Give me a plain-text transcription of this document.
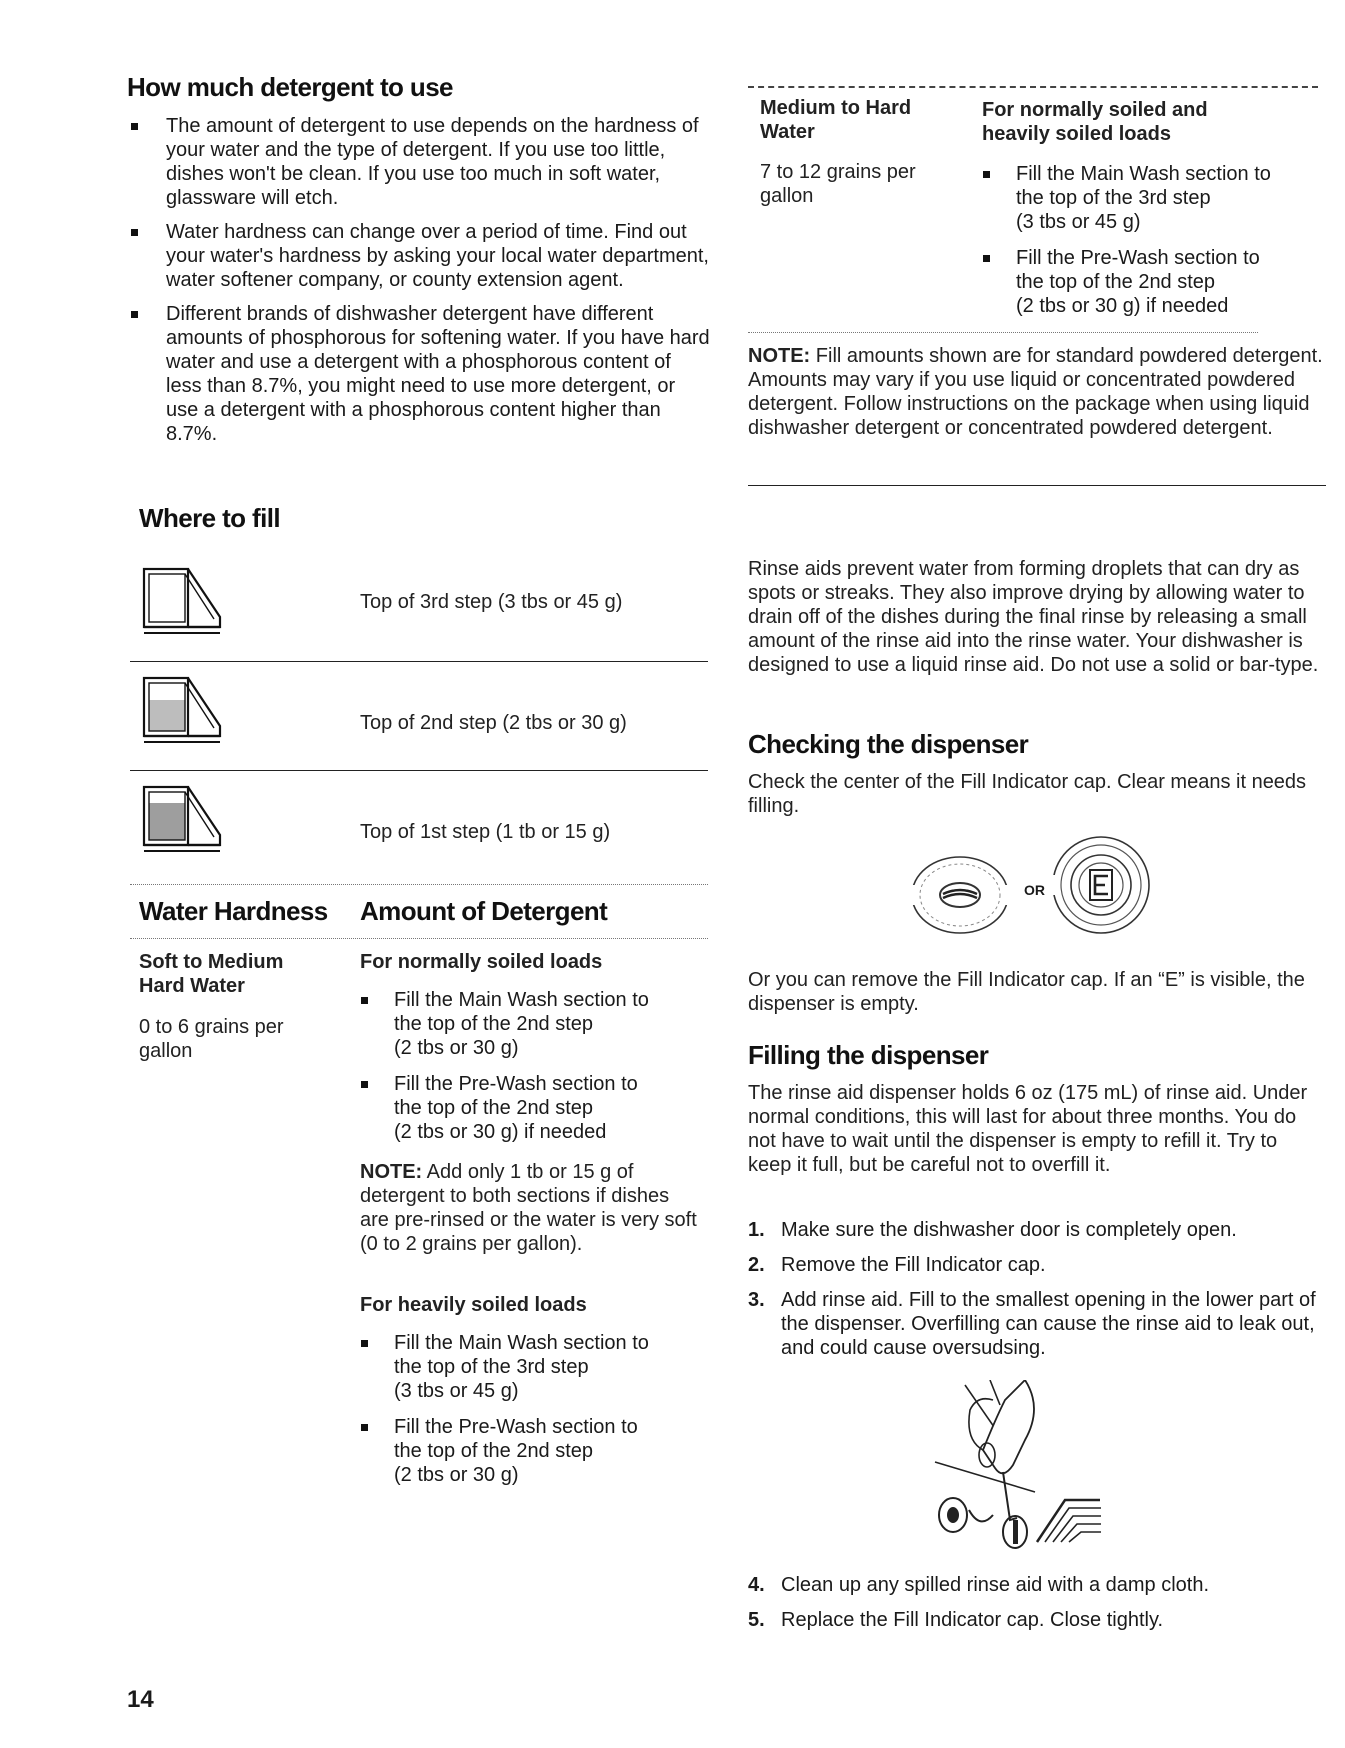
How much detergent to use
The amount of detergent to use depends on the hardness of your water and the type of detergent. If you use too little, dishes won't be clean. If you use too much in soft water, glassware will etch.
Water hardness can change over a period of time. Find out your water's hardness by asking your local water department, water softener company, or county extension agent.
Different brands of dishwasher detergent have different amounts of phosphorous for softening water. If you have hard water and use a detergent with a phosphorous content of less than 8.7%, you might need to use more detergent, or use a detergent with a phosphorous content higher than 8.7%.
Where to fill
Top of 3rd step (3 tbs or 45 g)
Top of 2nd step (2 tbs or 30 g)
Top of 1st step (1 tb or 15 g)
Water Hardness Amount of Detergent
Soft to Medium Hard Water
0 to 6 grains per gallon
For normally soiled loads
Fill the Main Wash section to
the top of the 2nd step
(2 tbs or 30 g)
Fill the Pre-Wash section to
the top of the 2nd step
(2 tbs or 30 g) if needed
NOTE: Add only 1 tb or 15 g of detergent to both sections if dishes are pre-rinsed or the water is very soft (0 to 2 grains per gallon).
For heavily soiled loads
Fill the Main Wash section to
the top of the 3rd step
(3 tbs or 45 g)
Fill the Pre-Wash section to
the top of the 2nd step
(2 tbs or 30 g)
14
Medium to Hard Water
For normally soiled and heavily soiled loads
7 to 12 grains per gallon
Fill the Main Wash section to
the top of the 3rd step
(3 tbs or 45 g)
Fill the Pre-Wash section to
the top of the 2nd step
(2 tbs or 30 g) if needed
NOTE: Fill amounts shown are for standard powdered detergent. Amounts may vary if you use liquid or concentrated powdered detergent. Follow instructions on the package when using liquid dishwasher detergent or concentrated powdered detergent.
Rinse aids prevent water from forming droplets that can dry as spots or streaks. They also improve drying by allowing water to drain off of the dishes during the final rinse by releasing a small amount of the rinse aid into the rinse water. Your dishwasher is designed to use a liquid rinse aid. Do not use a solid or bar-type.
Checking the dispenser
Check the center of the Fill Indicator cap. Clear means it needs filling.
OR
Or you can remove the Fill Indicator cap. If an “E” is visible, the dispenser is empty.
Filling the dispenser
The rinse aid dispenser holds 6 oz (175 mL) of rinse aid. Under normal conditions, this will last for about three months. You do not have to wait until the dispenser is empty to refill it. Try to keep it full, but be careful not to overfill it.
1. Make sure the dishwasher door is completely open.
2. Remove the Fill Indicator cap.
3. Add rinse aid. Fill to the smallest opening in the lower part of the dispenser. Overfilling can cause the rinse aid to leak out, and could cause oversudsing.
4. Clean up any spilled rinse aid with a damp cloth.
5. Replace the Fill Indicator cap. Close tightly.
